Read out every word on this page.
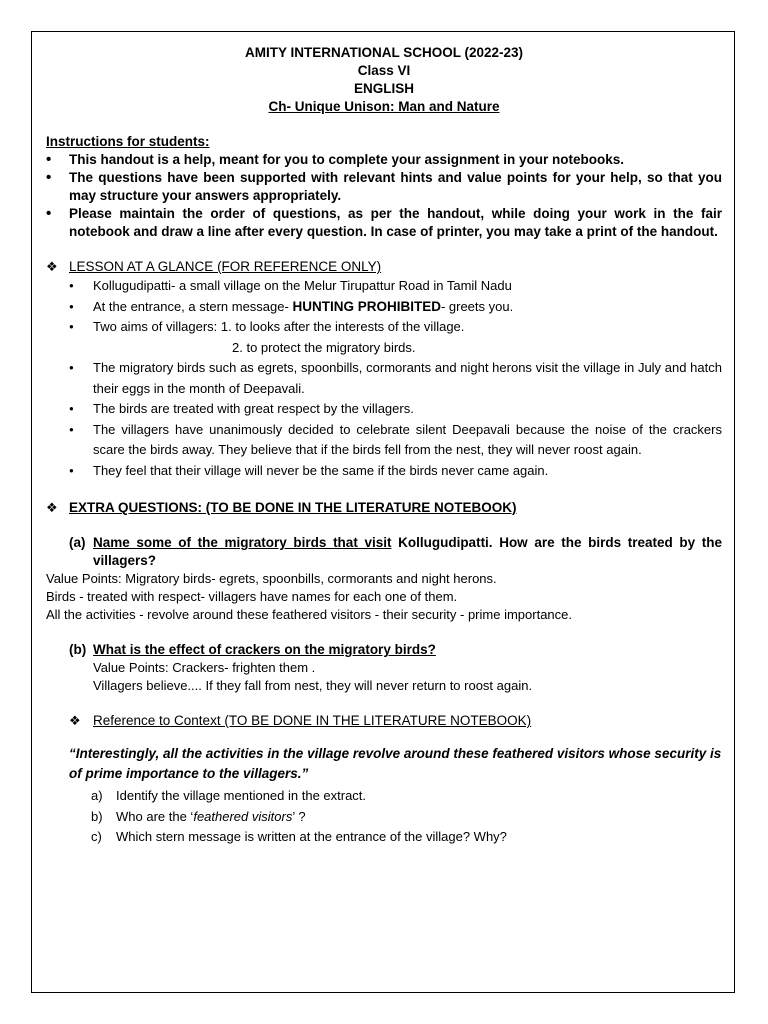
AMITY INTERNATIONAL SCHOOL (2022-23)
Class VI
ENGLISH
Ch- Unique Unison: Man and Nature
Instructions for students:
• This handout is a help, meant for you to complete your assignment in your notebooks.
• The questions have been supported with relevant hints and value points for your help, so that you may structure your answers appropriately.
• Please maintain the order of questions, as per the handout, while doing your work in the fair notebook and draw a line after every question. In case of printer, you may take a print of the handout.
❖ LESSON AT A GLANCE (FOR REFERENCE ONLY)
● Kollugudipatti- a small village on the Melur Tirupattur Road in Tamil Nadu
● At the entrance, a stern message- HUNTING PROHIBITED- greets you.
● Two aims of villagers: 1. to looks after the interests of the village.
2. to protect the migratory birds.
● The migratory birds such as egrets, spoonbills, cormorants and night herons visit the village in July and hatch their eggs in the month of Deepavali.
● The birds are treated with great respect by the villagers.
● The villagers have unanimously decided to celebrate silent Deepavali because the noise of the crackers scare the birds away. They believe that if the birds fell from the nest, they will never roost again.
● They feel that their village will never be the same if the birds never came again.
❖ EXTRA QUESTIONS: (TO BE DONE IN THE LITERATURE NOTEBOOK)
(a) Name some of the migratory birds that visit Kollugudipatti. How are the birds treated by the villagers?
Value Points: Migratory birds- egrets, spoonbills, cormorants and night herons.
Birds - treated with respect- villagers have names for each one of them.
All the activities - revolve around these feathered visitors - their security - prime importance.
(b) What is the effect of crackers on the migratory birds?
Value Points: Crackers- frighten them .
Villagers believe.... If they fall from nest, they will never return to roost again.
❖ Reference to Context (TO BE DONE IN THE LITERATURE NOTEBOOK)
“Interestingly, all the activities in the village revolve around these feathered visitors whose security is of prime importance to the villagers.”
a) Identify the village mentioned in the extract.
b) Who are the ‘feathered visitors’ ?
c) Which stern message is written at the entrance of the village? Why?
